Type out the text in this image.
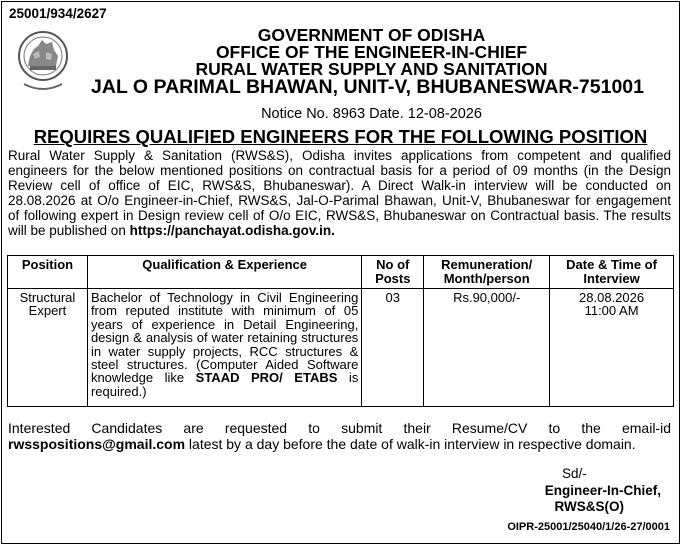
25001/934/2627
GOVERNMENT OF ODISHA
OFFICE OF THE ENGINEER-IN-CHIEF
RURAL WATER SUPPLY AND SANITATION
JAL O PARIMAL BHAWAN, UNIT-V, BHUBANESWAR-751001
Notice No. 8963 Date. 12-08-2026
REQUIRES QUALIFIED ENGINEERS FOR THE FOLLOWING POSITION
Rural Water Supply & Sanitation (RWS&S), Odisha invites applications from competent and qualified engineers for the below mentioned positions on contractual basis for a period of 09 months (in the Design Review cell of office of EIC, RWS&S, Bhubaneswar). A Direct Walk-in interview will be conducted on 28.08.2026 at O/o Engineer-in-Chief, RWS&S, Jal-O-Parimal Bhawan, Unit-V, Bhubaneswar for engagement of following expert in Design review cell of O/o EIC, RWS&S, Bhubaneswar on Contractual basis. The results will be published on https://panchayat.odisha.gov.in.
Position	Qualification & Experience	No of Posts	Remuneration/ Month/person	Date & Time of Interview
Structural Expert	Bachelor of Technology in Civil Engineering from reputed institute with minimum of 05 years of experience in Detail Engineering, design & analysis of water retaining structures in water supply projects, RCC structures & steel structures. (Computer Aided Software knowledge like STAAD PRO/ ETABS is required.)	03	Rs.90,000/-	28.08.2026
11:00 AM
Interested Candidates are requested to submit their Resume/CV to the email-id rwsspositions@gmail.com latest by a day before the date of walk-in interview in respective domain.
Sd/-
Engineer-In-Chief,
RWS&S(O)
OIPR-25001/25040/1/26-27/0001
